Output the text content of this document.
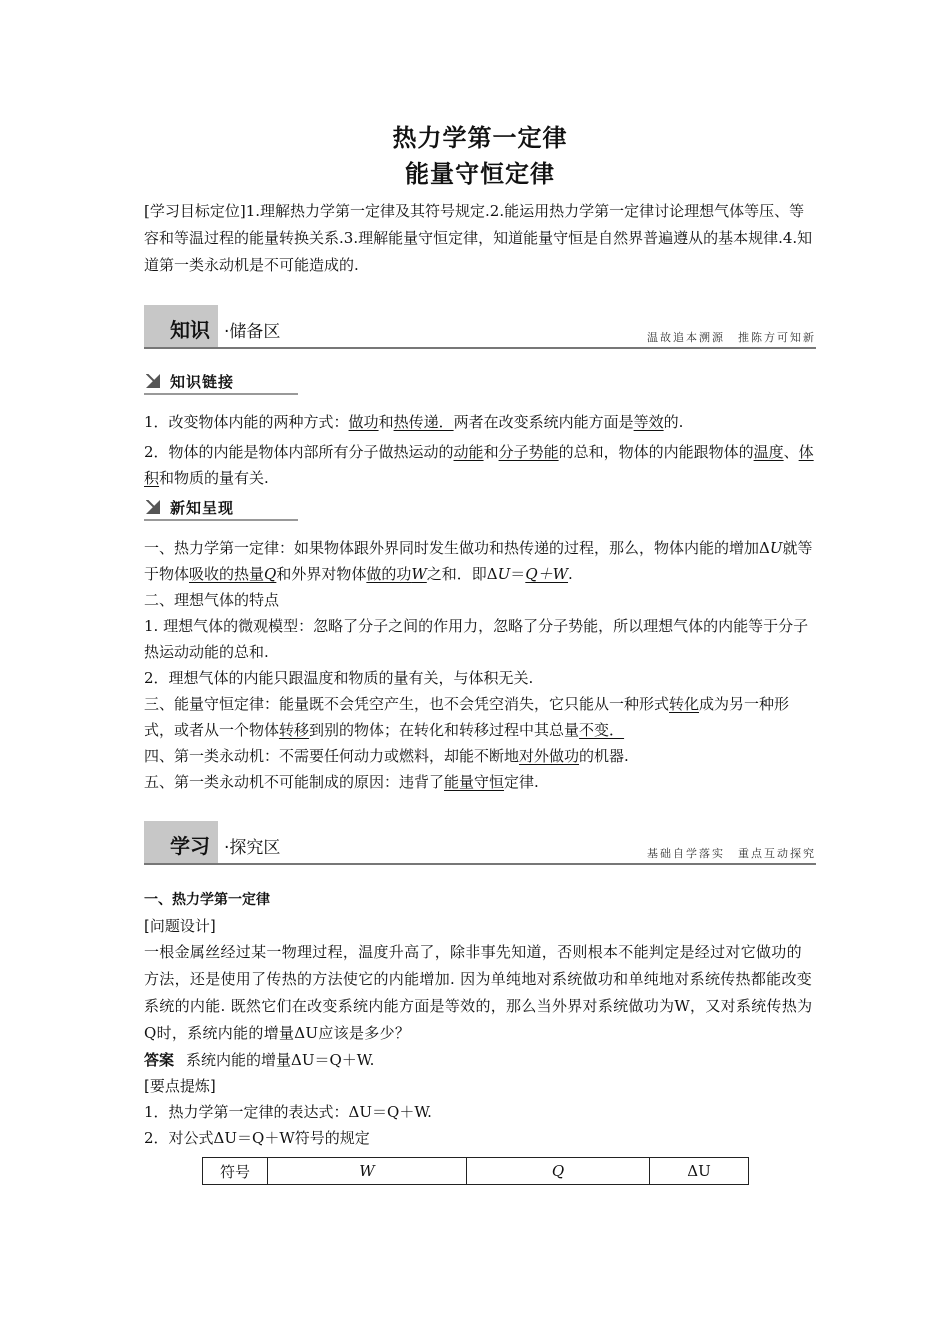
热力学第一定律
能量守恒定律

[学习目标定位]1.理解热力学第一定律及其符号规定.2.能运用热力学第一定律讨论理想气体等压、等容和等温过程的能量转换关系.3.理解能量守恒定律，知道能量守恒是自然界普遍遵从的基本规律.4.知道第一类永动机是不可能造成的.

知识 ·储备区	温故追本溯源　推陈方可知新
知识链接

1．改变物体内能的两种方式：做功和热传递．两者在改变系统内能方面是等效的.

2．物体的内能是物体内部所有分子做热运动的动能和分子势能的总和，物体的内能跟物体的温度、体积和物质的量有关.

新知呈现

一、热力学第一定律：如果物体跟外界同时发生做功和热传递的过程，那么，物体内能的增加ΔU就等于物体吸收的热量Q和外界对物体做的功W之和．即ΔU＝Q＋W.

二、理想气体的特点

1. 理想气体的微观模型：忽略了分子之间的作用力，忽略了分子势能，所以理想气体的内能等于分子热运动动能的总和.

2．理想气体的内能只跟温度和物质的量有关，与体积无关.

三、能量守恒定律：能量既不会凭空产生，也不会凭空消失，它只能从一种形式转化成为另一种形式，或者从一个物体转移到别的物体；在转化和转移过程中其总量不变．

四、第一类永动机：不需要任何动力或燃料，却能不断地对外做功的机器.

五、第一类永动机不可能制成的原因：违背了能量守恒定律.

学习 ·探究区	基础自学落实　重点互动探究
一、热力学第一定律
[问题设计]

一根金属丝经过某一物理过程，温度升高了，除非事先知道，否则根本不能判定是经过对它做功的方法，还是使用了传热的方法使它的内能增加. 因为单纯地对系统做功和单纯地对系统传热都能改变系统的内能. 既然它们在改变系统内能方面是等效的，那么当外界对系统做功为W，又对系统传热为Q时，系统内能的增量ΔU应该是多少？

答案 系统内能的增量ΔU＝Q＋W.

[要点提炼]

1．热力学第一定律的表达式：ΔU＝Q＋W.

2．对公式ΔU＝Q＋W符号的规定

符号	W	Q	ΔU
